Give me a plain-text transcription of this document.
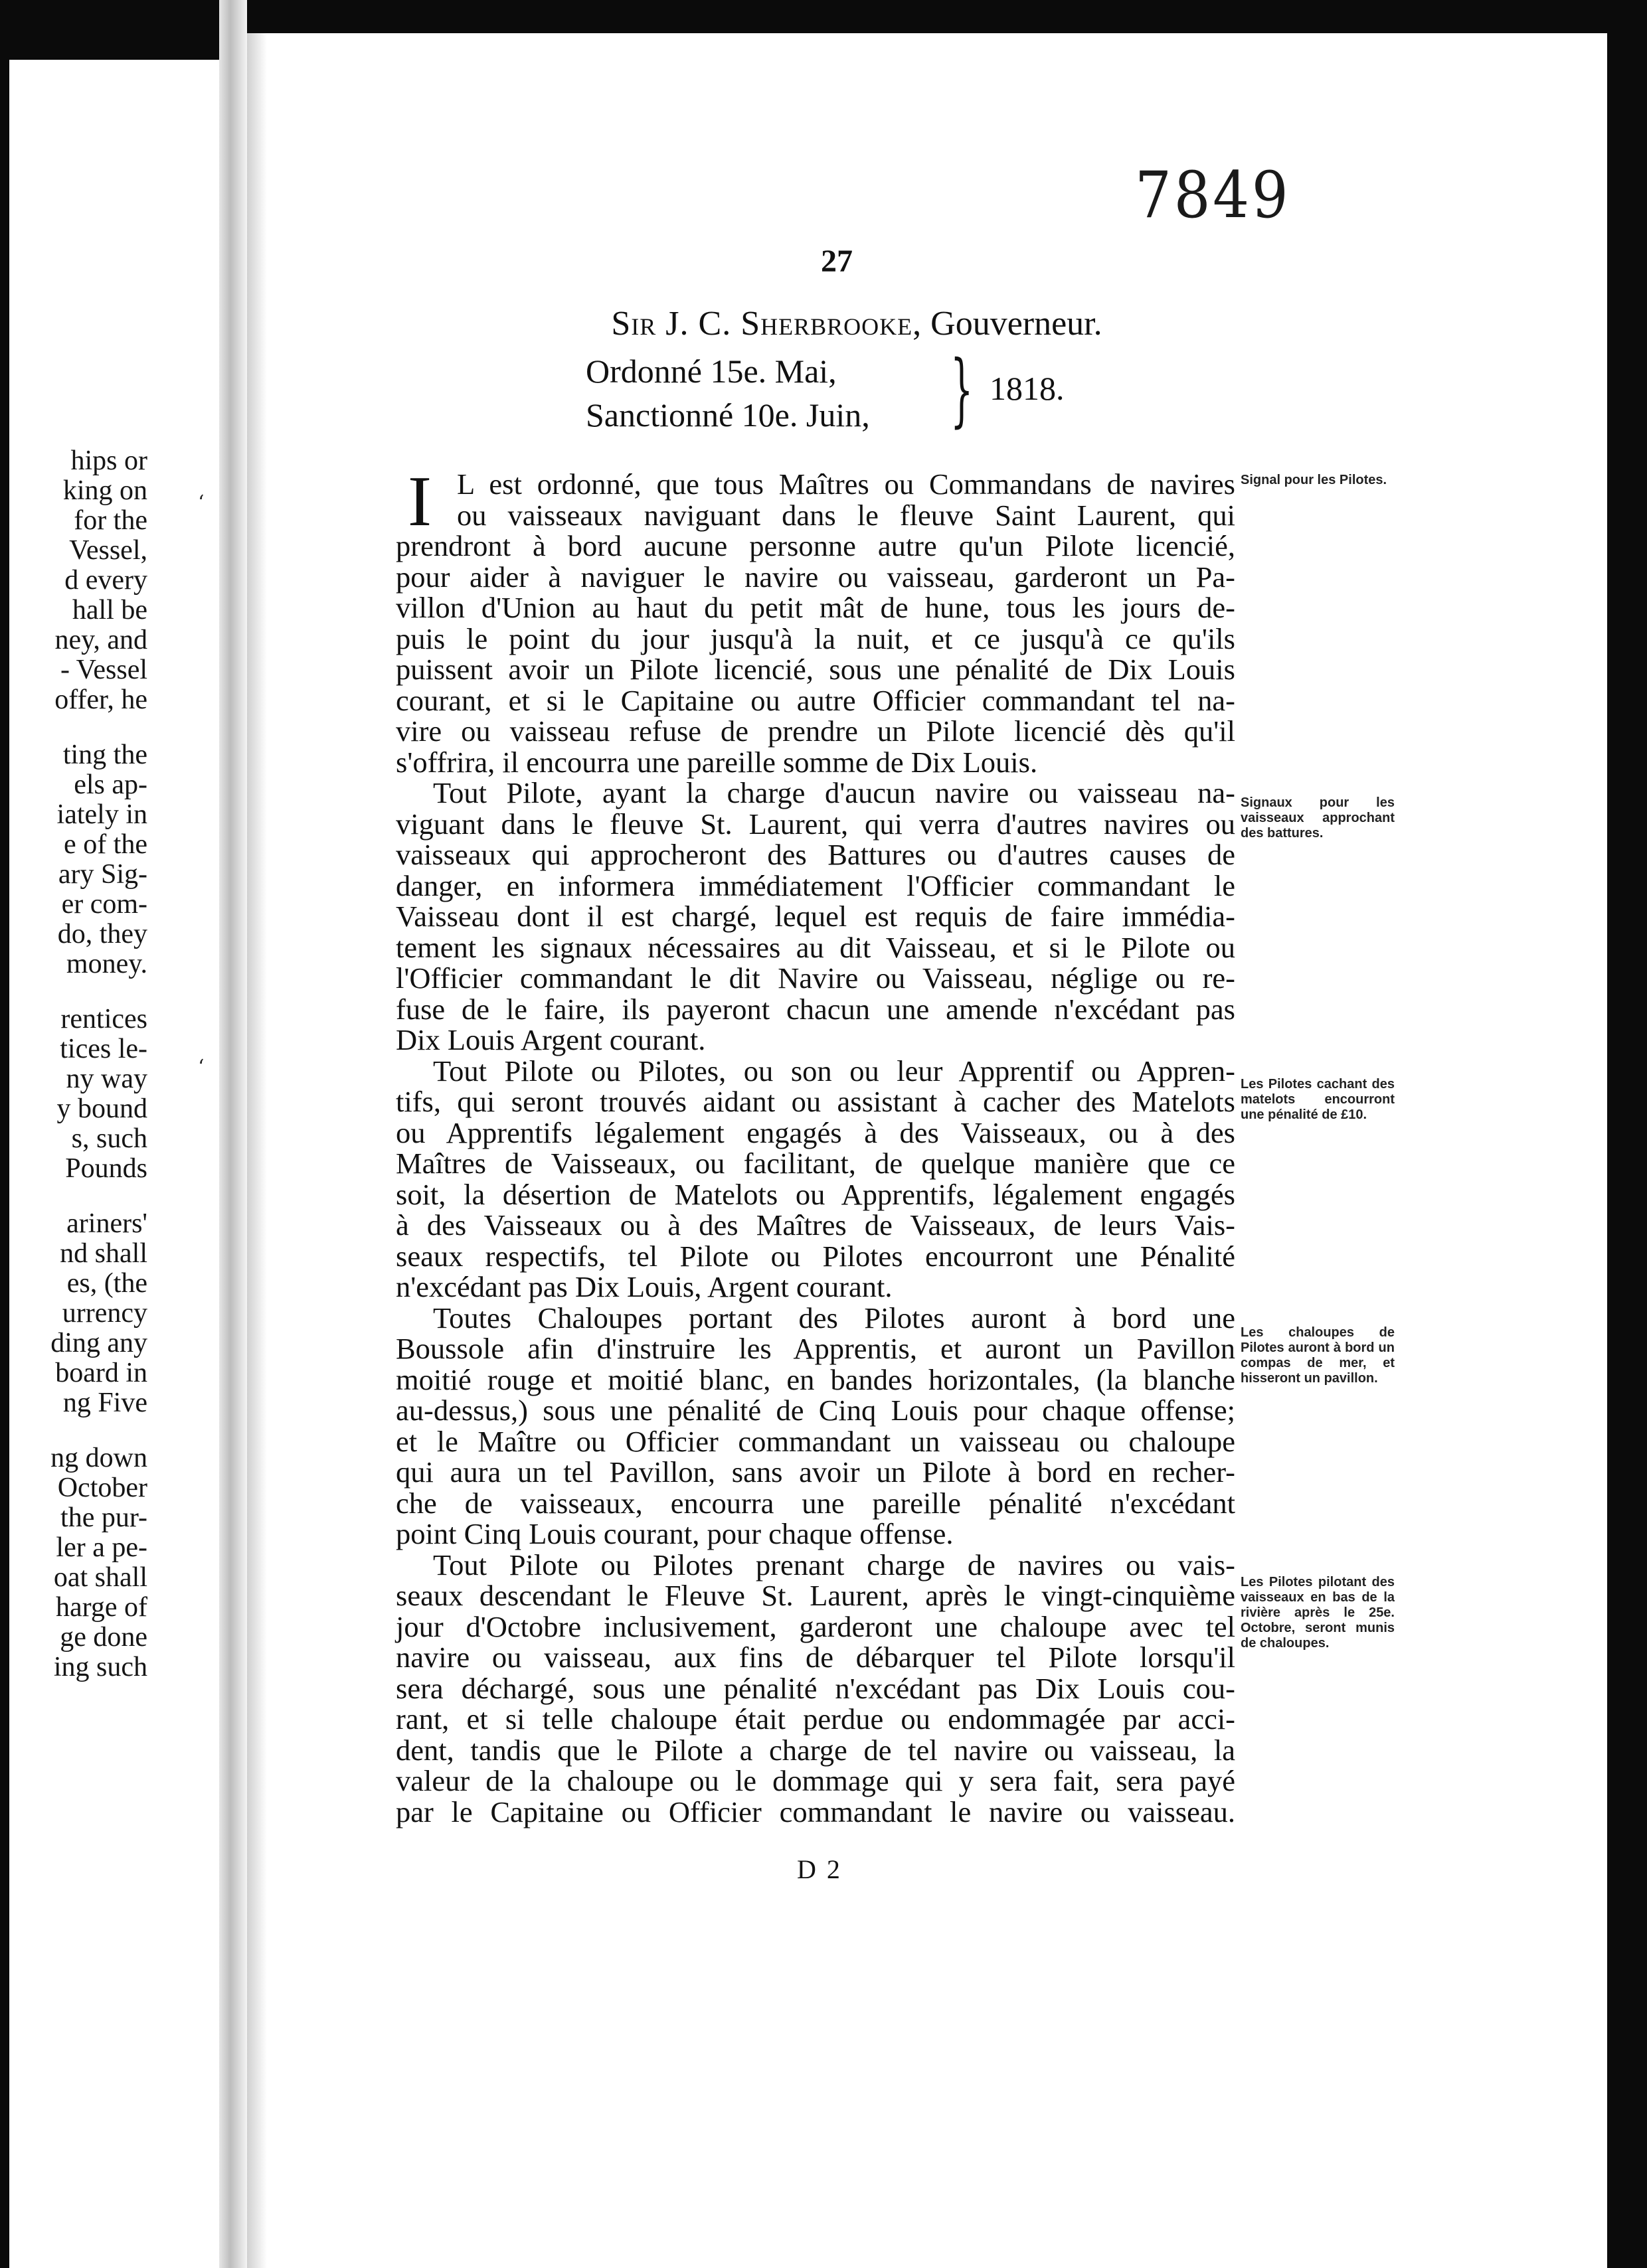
hips or
king on
for the
Vessel,
d every
hall be
ney, and
- Vessel
offer, he
ting the
els ap-
iately in
e of the
ary Sig-
er com-
do, they
money.
rentices
tices le-
ny way
y bound
s, such
Pounds
ariners'
nd shall
es, (the
urrency
ding any
board in
ng Five
ng down
October
the pur-
ler a pe-
oat shall
harge of
ge done
ing such
‘
‘
7849
27
Sir J. C. Sherbrooke, Gouverneur.
Ordonné 15e. Mai,
Sanctionné 10e. Juin, } 1818.
I L est ordonné, que tous Maîtres ou Commandans de navires
ou vaisseaux naviguant dans le fleuve Saint Laurent, qui
prendront à bord aucune personne autre qu'un Pilote licencié,
pour aider à naviguer le navire ou vaisseau, garderont un Pa-
villon d'Union au haut du petit mât de hune, tous les jours de-
puis le point du jour jusqu'à la nuit, et ce jusqu'à ce qu'ils
puissent avoir un Pilote licencié, sous une pénalité de Dix Louis
courant, et si le Capitaine ou autre Officier commandant tel na-
vire ou vaisseau refuse de prendre un Pilote licencié dès qu'il
s'offrira, il encourra une pareille somme de Dix Louis.
Tout Pilote, ayant la charge d'aucun navire ou vaisseau na-
viguant dans le fleuve St. Laurent, qui verra d'autres navires ou
vaisseaux qui approcheront des Battures ou d'autres causes de
danger, en informera immédiatement l'Officier commandant le
Vaisseau dont il est chargé, lequel est requis de faire immédia-
tement les signaux nécessaires au dit Vaisseau, et si le Pilote ou
l'Officier commandant le dit Navire ou Vaisseau, néglige ou re-
fuse de le faire, ils payeront chacun une amende n'excédant pas
Dix Louis Argent courant.
Tout Pilote ou Pilotes, ou son ou leur Apprentif ou Appren-
tifs, qui seront trouvés aidant ou assistant à cacher des Matelots
ou Apprentifs légalement engagés à des Vaisseaux, ou à des
Maîtres de Vaisseaux, ou facilitant, de quelque manière que ce
soit, la désertion de Matelots ou Apprentifs, légalement engagés
à des Vaisseaux ou à des Maîtres de Vaisseaux, de leurs Vais-
seaux respectifs, tel Pilote ou Pilotes encourront une Pénalité
n'excédant pas Dix Louis, Argent courant.
Toutes Chaloupes portant des Pilotes auront à bord une
Boussole afin d'instruire les Apprentis, et auront un Pavillon
moitié rouge et moitié blanc, en bandes horizontales, (la blanche
au-dessus,) sous une pénalité de Cinq Louis pour chaque offense;
et le Maître ou Officier commandant un vaisseau ou chaloupe
qui aura un tel Pavillon, sans avoir un Pilote à bord en recher-
che de vaisseaux, encourra une pareille pénalité n'excédant
point Cinq Louis courant, pour chaque offense.
Tout Pilote ou Pilotes prenant charge de navires ou vais-
seaux descendant le Fleuve St. Laurent, après le vingt-cinquième
jour d'Octobre inclusivement, garderont une chaloupe avec tel
navire ou vaisseau, aux fins de débarquer tel Pilote lorsqu'il
sera déchargé, sous une pénalité n'excédant pas Dix Louis cou-
rant, et si telle chaloupe était perdue ou endommagée par acci-
dent, tandis que le Pilote a charge de tel navire ou vaisseau, la
valeur de la chaloupe ou le dommage qui y sera fait, sera payé
par le Capitaine ou Officier commandant le navire ou vaisseau.
D 2
Signal pour les Pilotes.
Signaux pour les vaisseaux approchant des battures.
Les Pilotes cachant des matelots encourront une pénalité de £10.
Les chaloupes de Pilotes auront à bord un compas de mer, et hisseront un pavillon.
Les Pilotes pilotant des vaisseaux en bas de la rivière après le 25e. Octobre, seront munis de chaloupes.
